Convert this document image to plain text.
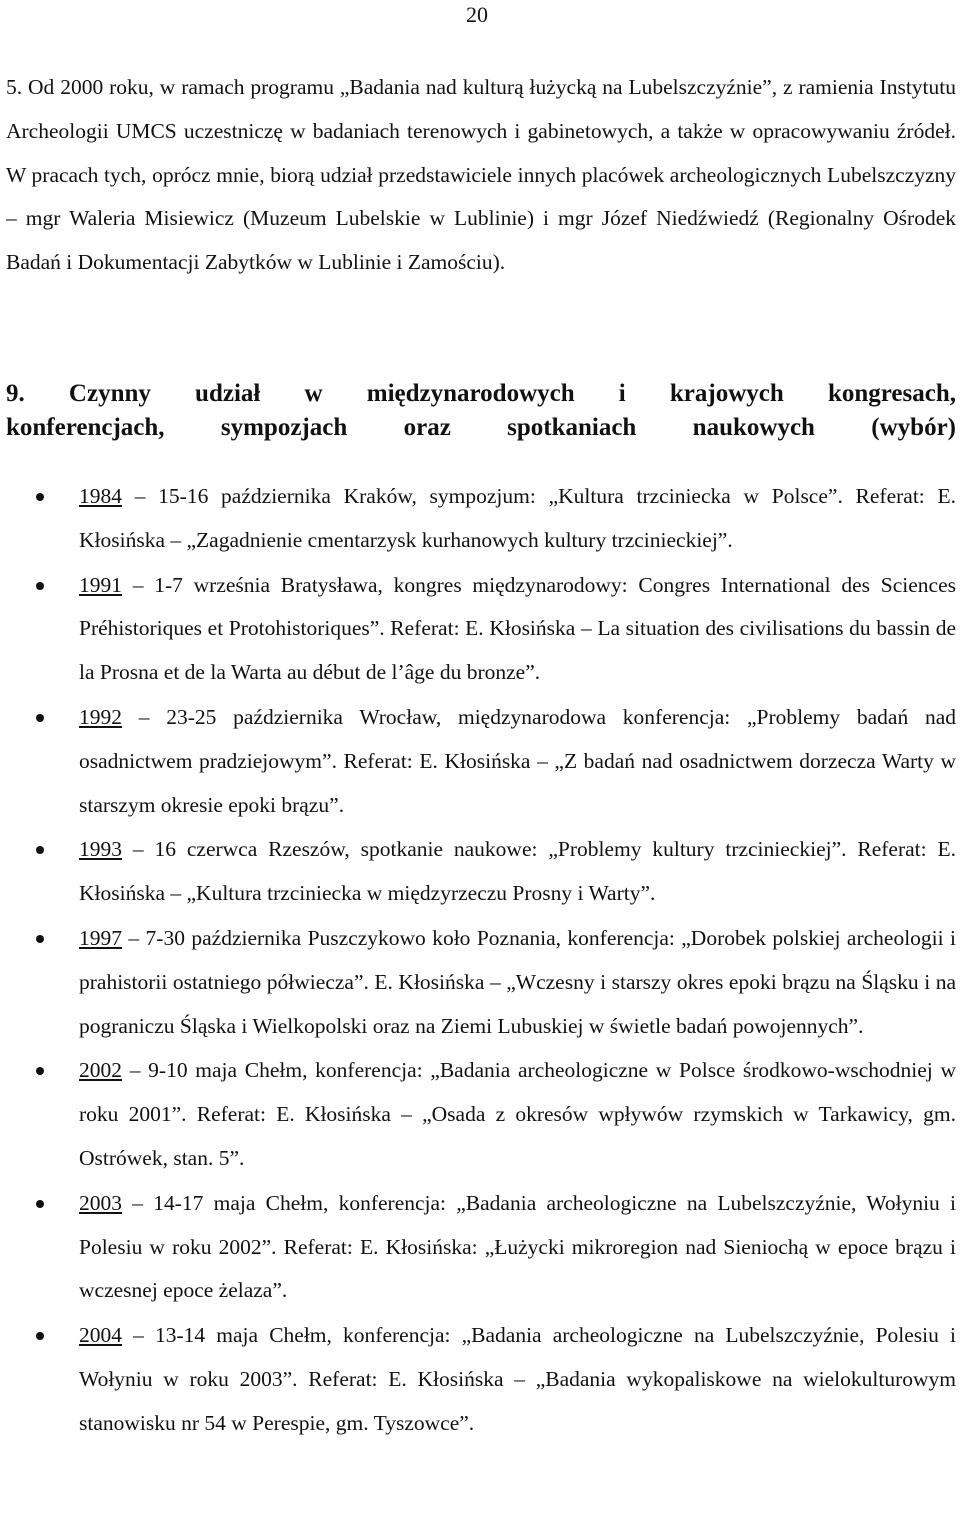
20

5. Od 2000 roku, w ramach programu „Badania nad kulturą łużycką na Lubelszczyźnie”, z ramienia Instytutu Archeologii UMCS uczestniczę w badaniach terenowych i gabinetowych, a także w opracowywaniu źródeł. W pracach tych, oprócz mnie, biorą udział przedstawiciele innych placówek archeologicznych Lubelszczyzny – mgr Waleria Misiewicz (Muzeum Lubelskie w Lublinie) i mgr Józef Niedźwiedź (Regionalny Ośrodek Badań i Dokumentacji Zabytków w Lublinie i Zamościu).

9. Czynny udział w międzynarodowych i krajowych kongresach,
konferencjach, sympozjach oraz spotkaniach naukowych (wybór)
1984 – 15-16 października Kraków, sympozjum: „Kultura trzciniecka w Polsce”. Referat: E. Kłosińska – „Zagadnienie cmentarzysk kurhanowych kultury trzcinieckiej”.
1991 – 1-7 września Bratysława, kongres międzynarodowy: Congres International des Sciences Préhistoriques et Protohistoriques”. Referat: E. Kłosińska – La situation des civilisations du bassin de la Prosna et de la Warta au début de l’âge du bronze”.
1992 – 23-25 października Wrocław, międzynarodowa konferencja: „Problemy badań nad osadnictwem pradziejowym”. Referat: E. Kłosińska – „Z badań nad osadnictwem dorzecza Warty w starszym okresie epoki brązu”.
1993 – 16 czerwca Rzeszów, spotkanie naukowe: „Problemy kultury trzcinieckiej”. Referat: E. Kłosińska – „Kultura trzciniecka w międzyrzeczu Prosny i Warty”.
1997 – 7-30 października Puszczykowo koło Poznania, konferencja: „Dorobek polskiej archeologii i prahistorii ostatniego półwiecza”. E. Kłosińska – „Wczesny i starszy okres epoki brązu na Śląsku i na pograniczu Śląska i Wielkopolski oraz na Ziemi Lubuskiej w świetle badań powojennych”.
2002 – 9-10 maja Chełm, konferencja: „Badania archeologiczne w Polsce środkowo-wschodniej w roku 2001”. Referat: E. Kłosińska – „Osada z okresów wpływów rzymskich w Tarkawicy, gm. Ostrówek, stan. 5”.
2003 – 14-17 maja Chełm, konferencja: „Badania archeologiczne na Lubelszczyźnie, Wołyniu i Polesiu w roku 2002”. Referat: E. Kłosińska: „Łużycki mikroregion nad Sieniochą w epoce brązu i wczesnej epoce żelaza”.
2004 – 13-14 maja Chełm, konferencja: „Badania archeologiczne na Lubelszczyźnie, Polesiu i Wołyniu w roku 2003”. Referat: E. Kłosińska – „Badania wykopaliskowe na wielokulturowym stanowisku nr 54 w Perespie, gm. Tyszowce”.
